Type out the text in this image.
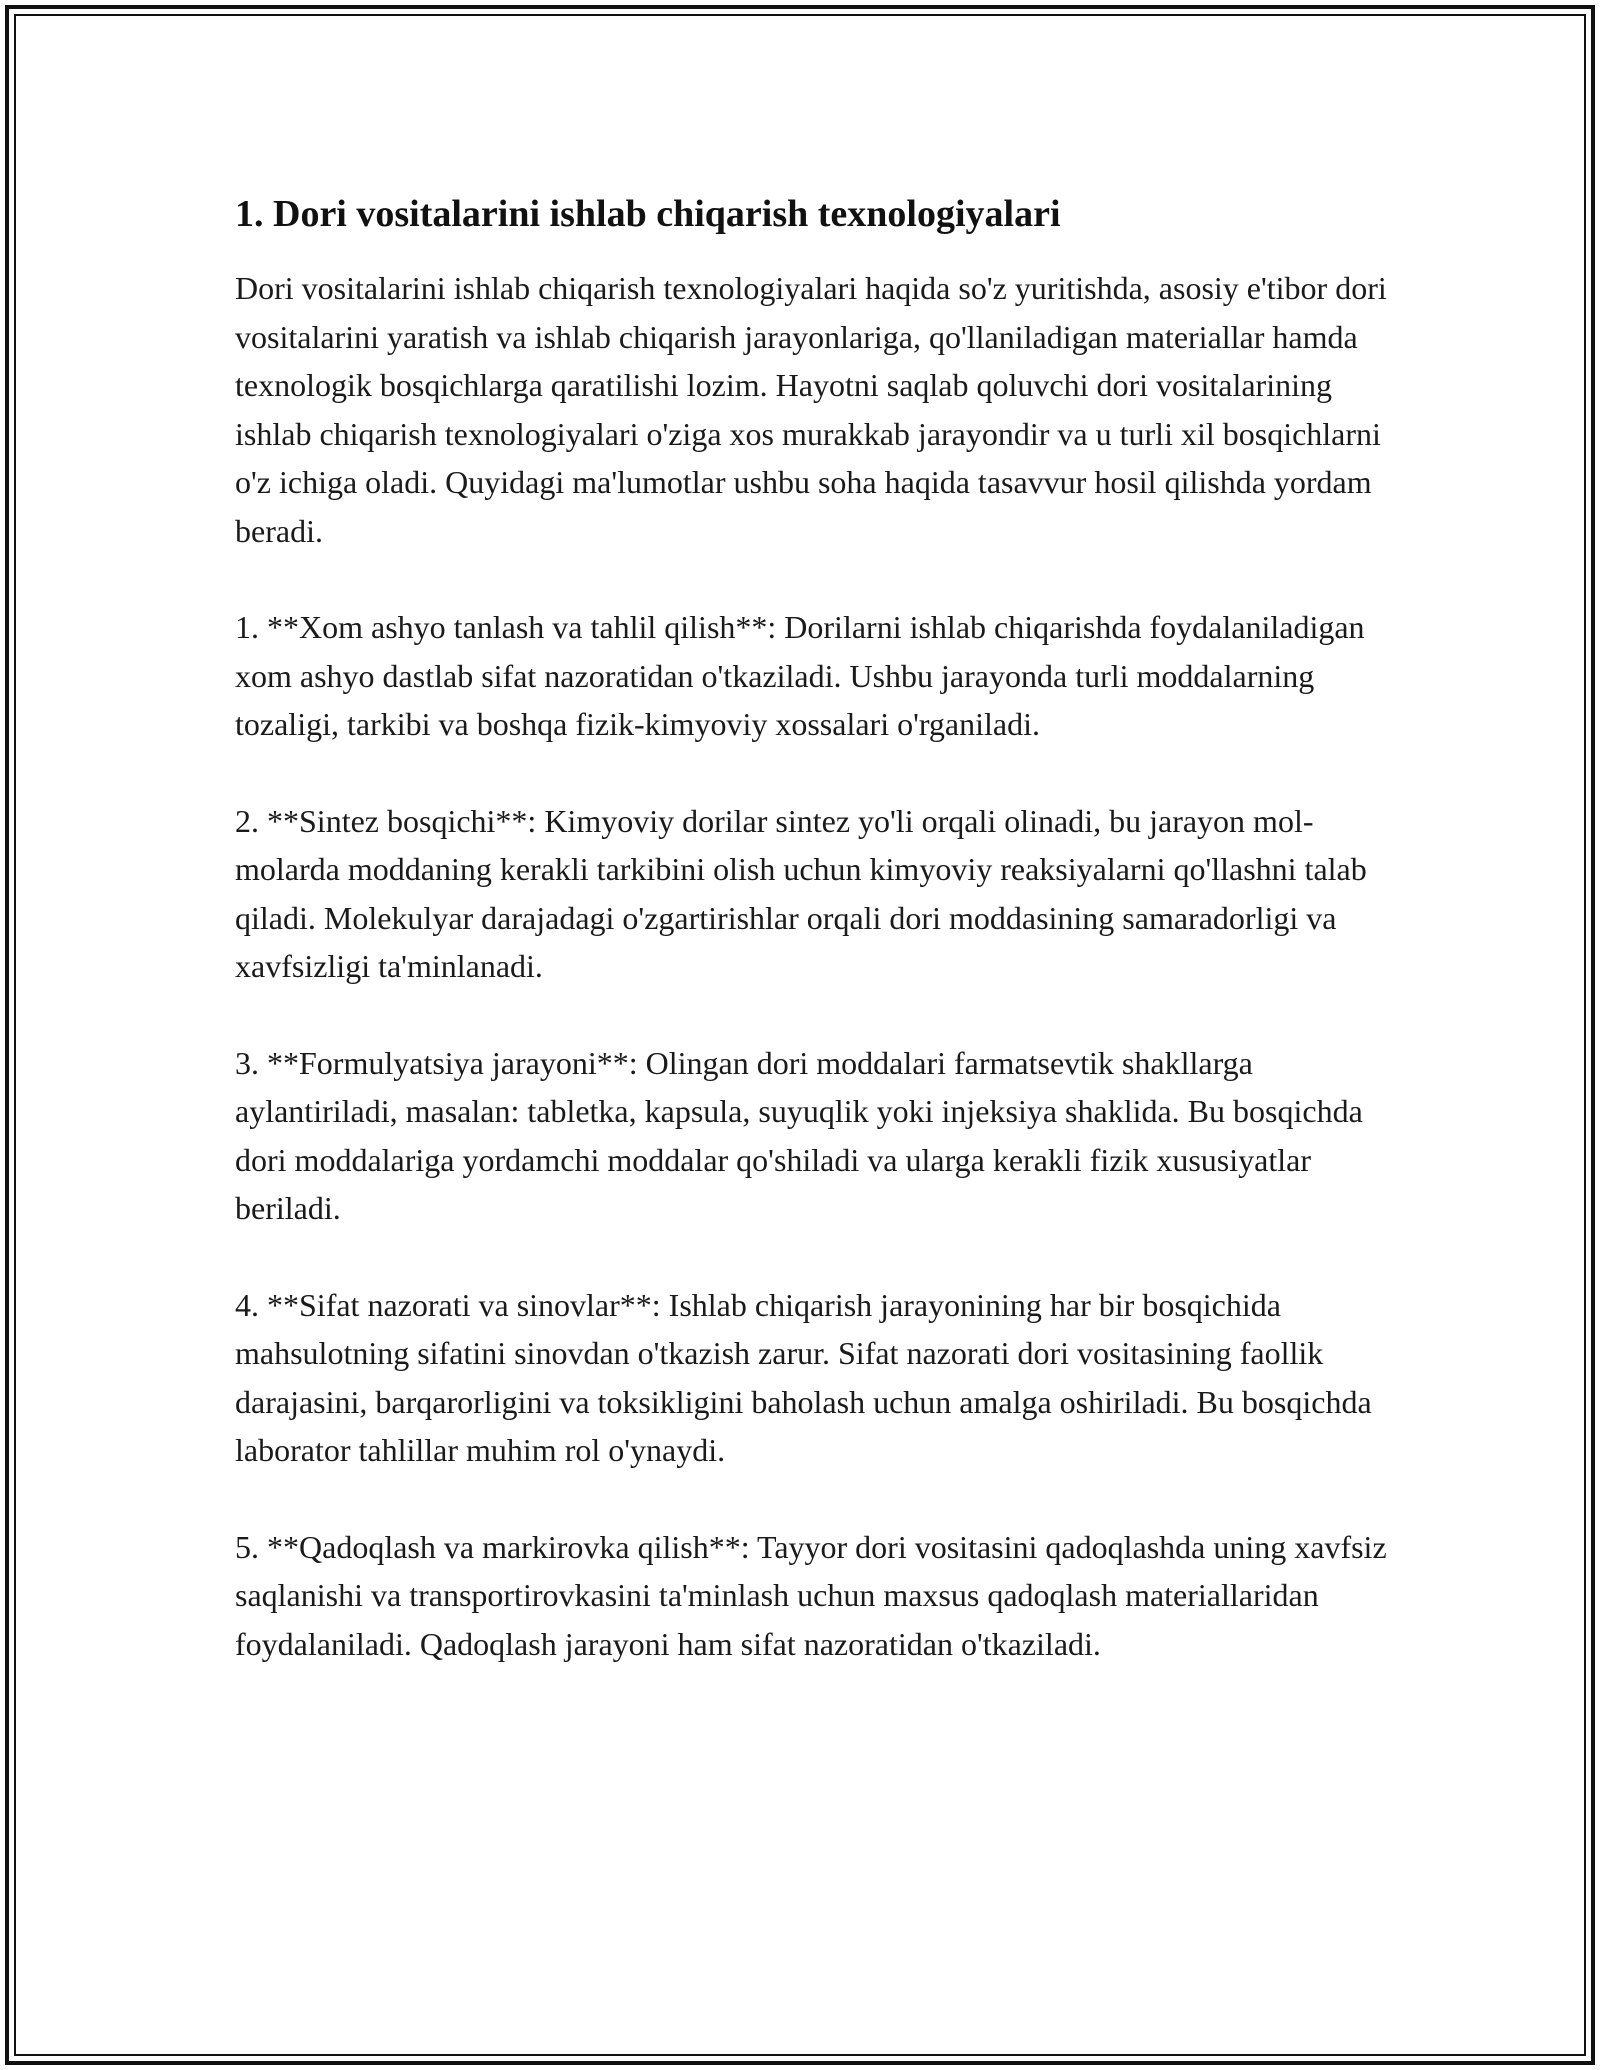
1. Dori vositalarini ishlab chiqarish texnologiyalari

Dori vositalarini ishlab chiqarish texnologiyalari haqida so'z yuritishda, asosiy e'tibor dori vositalarini yaratish va ishlab chiqarish jarayonlariga, qo'llaniladigan materiallar hamda texnologik bosqichlarga qaratilishi lozim. Hayotni saqlab qoluvchi dori vositalarining ishlab chiqarish texnologiyalari o'ziga xos murakkab jarayondir va u turli xil bosqichlarni o'z ichiga oladi. Quyidagi ma'lumotlar ushbu soha haqida tasavvur hosil qilishda yordam beradi.

1. **Xom ashyo tanlash va tahlil qilish**: Dorilarni ishlab chiqarishda foydalaniladigan xom ashyo dastlab sifat nazoratidan o'tkaziladi. Ushbu jarayonda turli moddalarning tozaligi, tarkibi va boshqa fizik-kimyoviy xossalari o'rganiladi.

2. **Sintez bosqichi**: Kimyoviy dorilar sintez yo'li orqali olinadi, bu jarayon mol-molarda moddaning kerakli tarkibini olish uchun kimyoviy reaksiyalarni qo'llashni talab qiladi. Molekulyar darajadagi o'zgartirishlar orqali dori moddasining samaradorligi va xavfsizligi ta'minlanadi.

3. **Formulyatsiya jarayoni**: Olingan dori moddalari farmatsevtik shakllarga aylantiriladi, masalan: tabletka, kapsula, suyuqlik yoki injeksiya shaklida. Bu bosqichda dori moddalariga yordamchi moddalar qo'shiladi va ularga kerakli fizik xususiyatlar beriladi.

4. **Sifat nazorati va sinovlar**: Ishlab chiqarish jarayonining har bir bosqichida mahsulotning sifatini sinovdan o'tkazish zarur. Sifat nazorati dori vositasining faollik darajasini, barqarorligini va toksikligini baholash uchun amalga oshiriladi. Bu bosqichda laborator tahlillar muhim rol o'ynaydi.

5. **Qadoqlash va markirovka qilish**: Tayyor dori vositasini qadoqlashda uning xavfsiz saqlanishi va transportirovkasini ta'minlash uchun maxsus qadoqlash materiallaridan foydalaniladi. Qadoqlash jarayoni ham sifat nazoratidan o'tkaziladi.
